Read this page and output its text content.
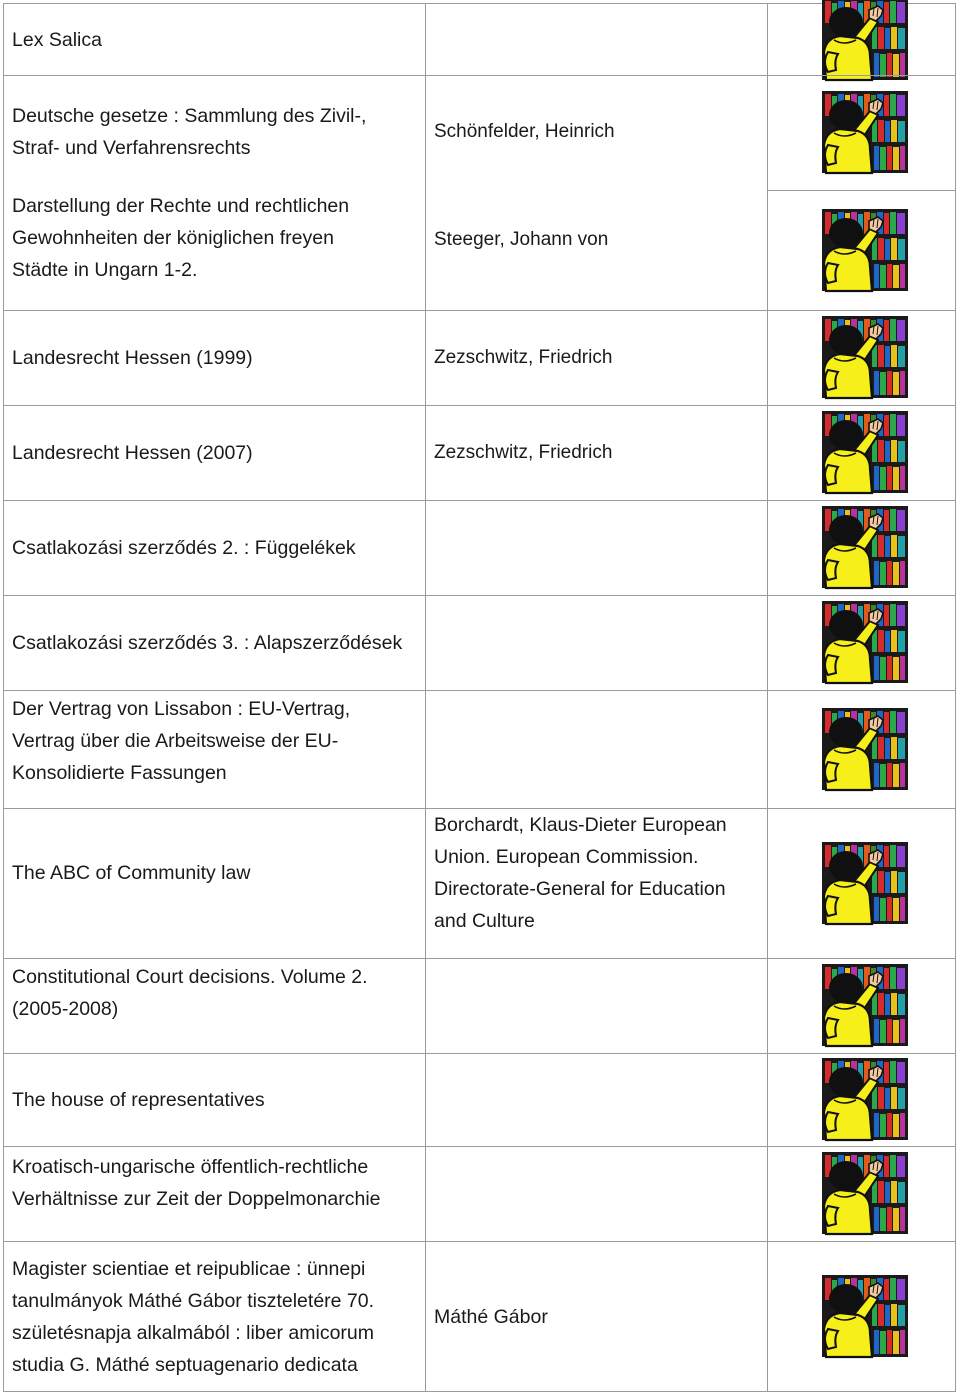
Lex Salica
Deutsche gesetze : Sammlung des Zivil-,
Straf- und Verfahrensrechts
Schönfelder, Heinrich
Darstellung der Rechte und rechtlichen
Gewohnheiten der königlichen freyen
Städte in Ungarn 1-2.
Steeger, Johann von
Landesrecht Hessen (1999)	Zezschwitz, Friedrich
Landesrecht Hessen (2007)	Zezschwitz, Friedrich
Csatlakozási szerződés 2. : Függelékek
Csatlakozási szerződés 3. : Alapszerződések
Der Vertrag von Lissabon : EU-Vertrag,
Vertrag über die Arbeitsweise der EU-
Konsolidierte Fassungen
The ABC of Community law
Borchardt, Klaus-Dieter European
Union. European Commission.
Directorate-General for Education
and Culture
Constitutional Court decisions. Volume 2.
(2005-2008)
The house of representatives
Kroatisch-ungarische öffentlich-rechtliche
Verhältnisse zur Zeit der Doppelmonarchie
Magister scientiae et reipublicae : ünnepi
tanulmányok Máthé Gábor tiszteletére 70.
születésnapja alkalmából : liber amicorum
studia G. Máthé septuagenario dedicata
Máthé Gábor
